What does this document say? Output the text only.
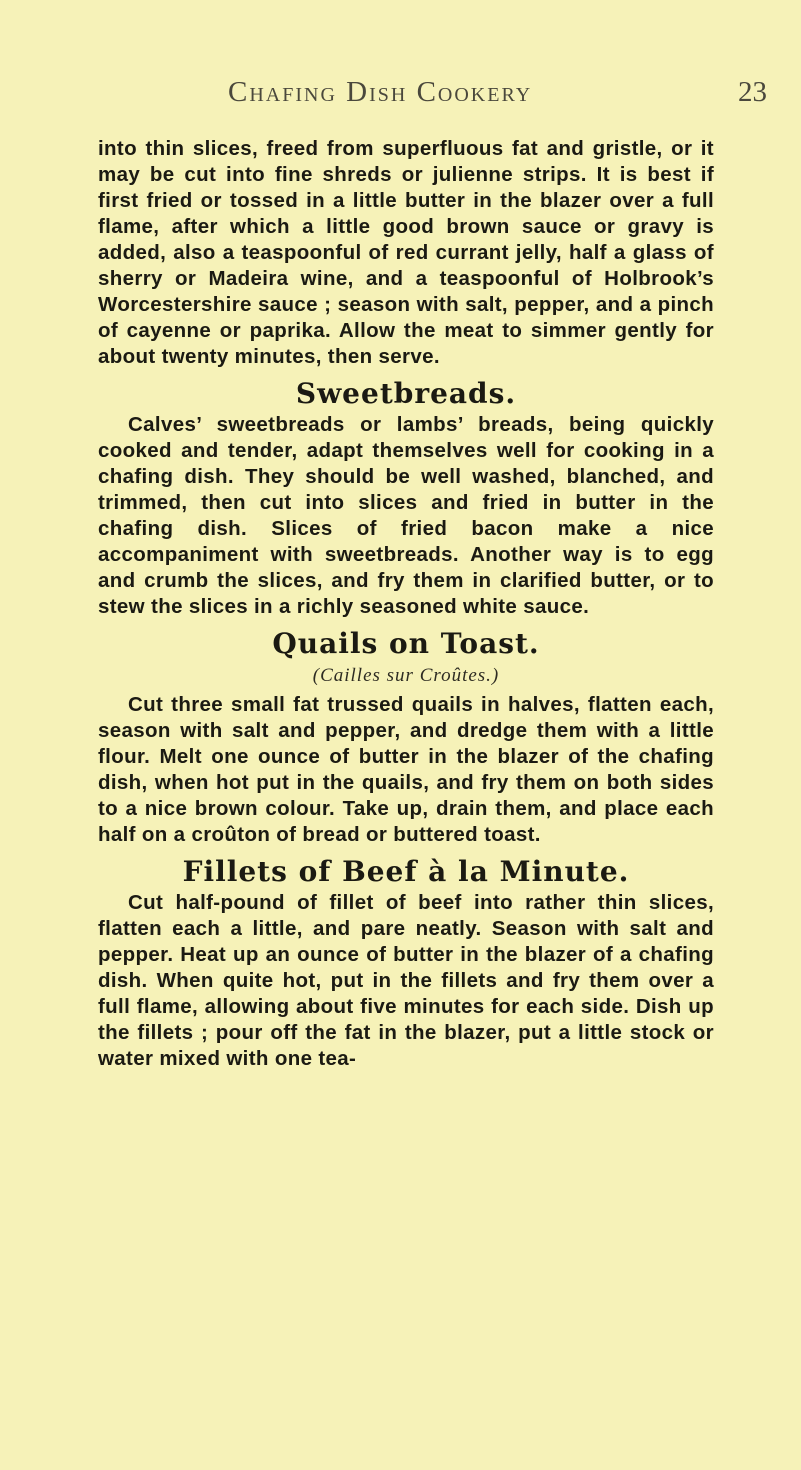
Chafing Dish Cookery	23

into thin slices, freed from superfluous fat and gristle, or it may be cut into fine shreds or julienne strips. It is best if first fried or tossed in a little butter in the blazer over a full flame, after which a little good brown sauce or gravy is added, also a teaspoonful of red currant jelly, half a glass of sherry or Madeira wine, and a teaspoonful of Holbrook’s Worcestershire sauce ; season with salt, pepper, and a pinch of cayenne or paprika. Allow the meat to simmer gently for about twenty minutes, then serve.

Sweetbreads.

Calves’ sweetbreads or lambs’ breads, being quickly cooked and tender, adapt themselves well for cooking in a chafing dish. They should be well washed, blanched, and trimmed, then cut into slices and fried in butter in the chafing dish. Slices of fried bacon make a nice accompaniment with sweetbreads. Another way is to egg and crumb the slices, and fry them in clarified butter, or to stew the slices in a richly seasoned white sauce.

Quails on Toast.
(Cailles sur Croûtes.)

Cut three small fat trussed quails in halves, flatten each, season with salt and pepper, and dredge them with a little flour. Melt one ounce of butter in the blazer of the chafing dish, when hot put in the quails, and fry them on both sides to a nice brown colour. Take up, drain them, and place each half on a croûton of bread or buttered toast.

Fillets of Beef à la Minute.

Cut half-pound of fillet of beef into rather thin slices, flatten each a little, and pare neatly. Season with salt and pepper. Heat up an ounce of butter in the blazer of a chafing dish. When quite hot, put in the fillets and fry them over a full flame, allowing about five minutes for each side. Dish up the fillets ; pour off the fat in the blazer, put a little stock or water mixed with one tea-
